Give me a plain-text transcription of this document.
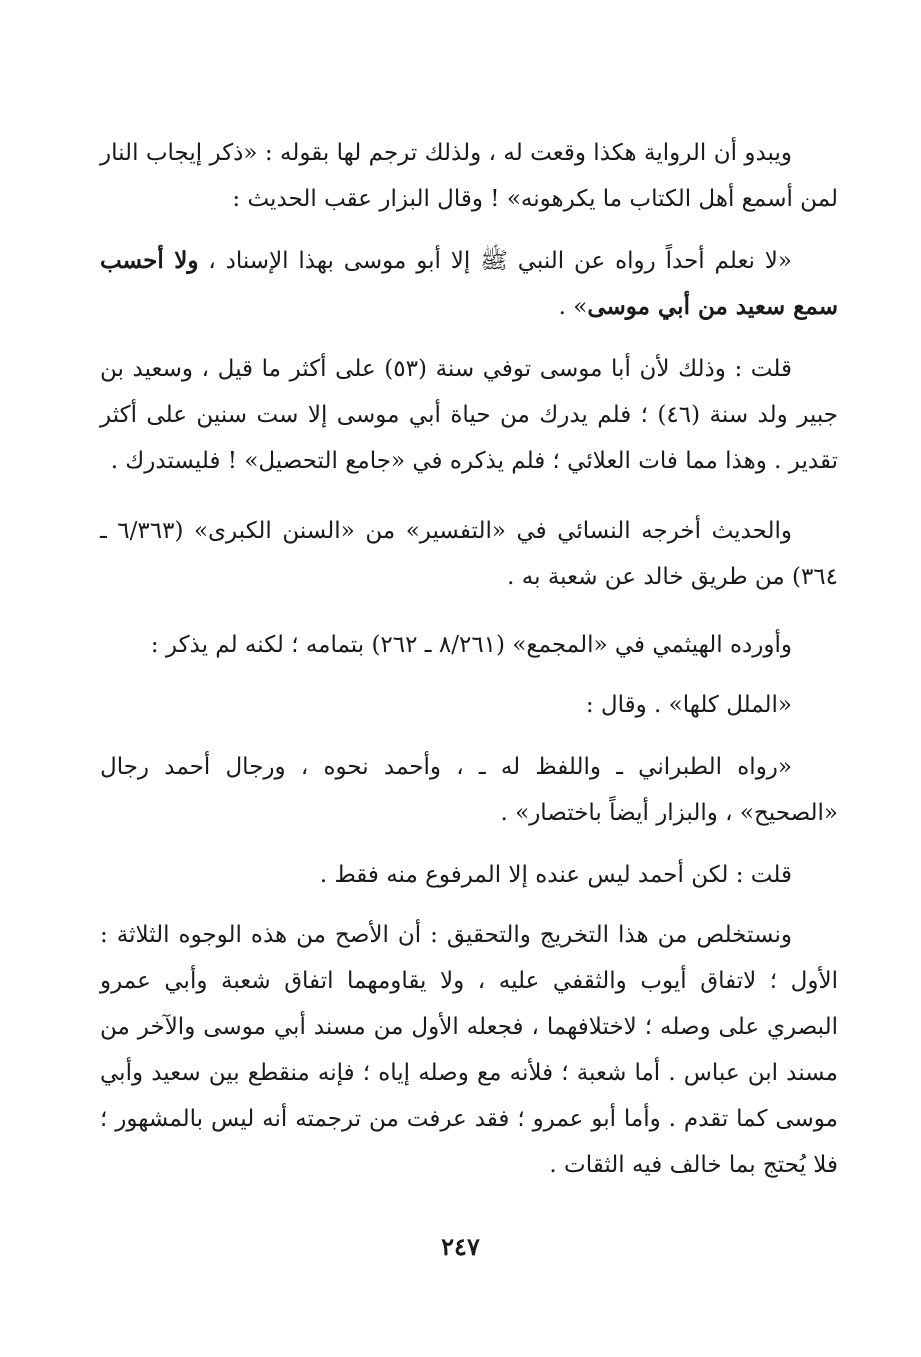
ويبدو أن الرواية هكذا وقعت له ، ولذلك ترجم لها بقوله : «ذكر إيجاب النار لمن أسمع أهل الكتاب ما يكرهونه» ! وقال البزار عقب الحديث :
«لا نعلم أحداً رواه عن النبي ﷺ إلا أبو موسى بهذا الإسناد ، ولا أحسب سمع سعيد من أبي موسى» .
قلت : وذلك لأن أبا موسى توفي سنة (٥٣) على أكثر ما قيل ، وسعيد بن جبير ولد سنة (٤٦) ؛ فلم يدرك من حياة أبي موسى إلا ست سنين على أكثر تقدير . وهذا مما فات العلائي ؛ فلم يذكره في «جامع التحصيل» ! فليستدرك .
والحديث أخرجه النسائي في «التفسير» من «السنن الكبرى» (٦/٣٦٣ ـ ٣٦٤) من طريق خالد عن شعبة به .
وأورده الهيثمي في «المجمع» (٨/٢٦١ ـ ٢٦٢) بتمامه ؛ لكنه لم يذكر :
«الملل كلها» . وقال :
«رواه الطبراني ـ واللفظ له ـ ، وأحمد نحوه ، ورجال أحمد رجال «الصحيح» ، والبزار أيضاً باختصار» .
قلت : لكن أحمد ليس عنده إلا المرفوع منه فقط .
ونستخلص من هذا التخريج والتحقيق : أن الأصح من هذه الوجوه الثلاثة : الأول ؛ لاتفاق أيوب والثقفي عليه ، ولا يقاومهما اتفاق شعبة وأبي عمرو البصري على وصله ؛ لاختلافهما ، فجعله الأول من مسند أبي موسى والآخر من مسند ابن عباس . أما شعبة ؛ فلأنه مع وصله إياه ؛ فإنه منقطع بين سعيد وأبي موسى كما تقدم . وأما أبو عمرو ؛ فقد عرفت من ترجمته أنه ليس بالمشهور ؛ فلا يُحتج بما خالف فيه الثقات .
٢٤٧
